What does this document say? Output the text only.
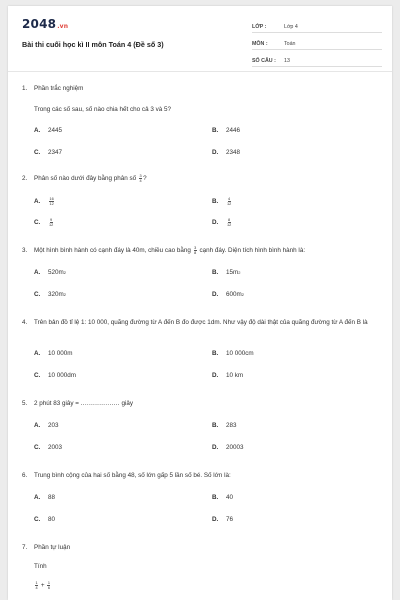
2048.vn
Bài thi cuối học kì II môn Toán 4 (Đề số 3)
LỚP :	Lớp 4
MÔN :	Toán
SỐ CÂU :	13
1.	Phần trắc nghiệm
Trong các số sau, số nào chia hết cho cả 3 và 5?
A.	2445	B.	2446
C.	2347	D.	2348
2.	Phân số nào dưới đây bằng phân số $\frac{3}{4}$ ?
A.	$\frac{16}{12}$	B.	$\frac{4}{12}$
C.	$\frac{9}{12}$	D.	$\frac{8}{12}$
3.	Một hình bình hành có cạnh đáy là 40m, chiều cao bằng $\frac{3}{8}$ cạnh đáy. Diện tích hình bình hành là:
A.	520m 2	B.	15m 2
C.	320m 2	D.	600m 2
4.	Trên bản đồ tỉ lệ 1: 10 000, quãng đường từ A đến B đo được 1dm. Như vậy độ dài thật của quãng đường từ A đến B là
A.	10 000m	B.	10 000cm
C.	10 000dm	D.	10 km
5.	2 phút 83 giây = ................... giây
A.	203	B.	283
C.	2003	D.	20003
6.	Trung bình cộng của hai số bằng 48, số lớn gấp 5 lần số bé. Số lớn là:
A.	88	B.	40
C.	80	D.	76
7.	Phần tự luận
Tính
$\frac{1}{4} + \frac{1}{6}$
